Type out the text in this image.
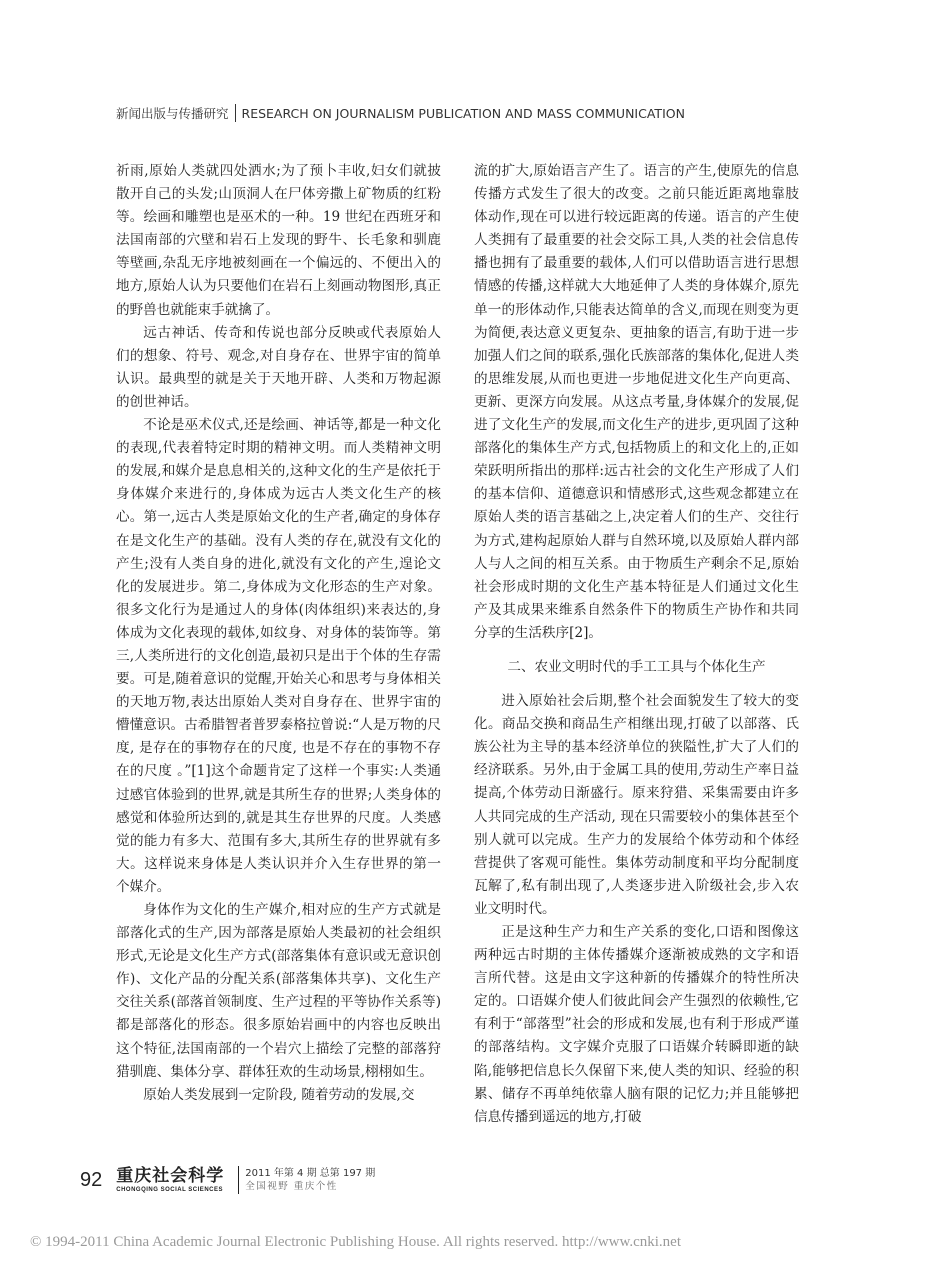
新闻出版与传播研究 RESEARCH ON JOURNALISM PUBLICATION AND MASS COMMUNICATION

祈雨,原始人类就四处洒水;为了预卜丰收,妇女们就披散开自己的头发;山顶洞人在尸体旁撒上矿物质的红粉等。绘画和雕塑也是巫术的一种。19 世纪在西班牙和法国南部的穴壁和岩石上发现的野牛、长毛象和驯鹿等壁画,杂乱无序地被刻画在一个偏远的、不便出入的地方,原始人认为只要他们在岩石上刻画动物图形,真正的野兽也就能束手就擒了。

远古神话、传奇和传说也部分反映或代表原始人们的想象、符号、观念,对自身存在、世界宇宙的简单认识。最典型的就是关于天地开辟、人类和万物起源的创世神话。

不论是巫术仪式,还是绘画、神话等,都是一种文化的表现,代表着特定时期的精神文明。而人类精神文明的发展,和媒介是息息相关的,这种文化的生产是依托于身体媒介来进行的,身体成为远古人类文化生产的核心。第一,远古人类是原始文化的生产者,确定的身体存在是文化生产的基础。没有人类的存在,就没有文化的产生;没有人类自身的进化,就没有文化的产生,遑论文化的发展进步。第二,身体成为文化形态的生产对象。很多文化行为是通过人的身体(肉体组织)来表达的,身体成为文化表现的载体,如纹身、对身体的装饰等。第三,人类所进行的文化创造,最初只是出于个体的生存需要。可是,随着意识的觉醒,开始关心和思考与身体相关的天地万物,表达出原始人类对自身存在、世界宇宙的懵懂意识。古希腊智者普罗泰格拉曾说:“人是万物的尺度, 是存在的事物存在的尺度, 也是不存在的事物不存在的尺度 。”[1]这个命题肯定了这样一个事实:人类通过感官体验到的世界,就是其所生存的世界;人类身体的感觉和体验所达到的,就是其生存世界的尺度。人类感觉的能力有多大、范围有多大,其所生存的世界就有多大。这样说来身体是人类认识并介入生存世界的第一个媒介。

身体作为文化的生产媒介,相对应的生产方式就是部落化式的生产,因为部落是原始人类最初的社会组织形式,无论是文化生产方式(部落集体有意识或无意识创作)、文化产品的分配关系(部落集体共享)、文化生产交往关系(部落首领制度、生产过程的平等协作关系等)都是部落化的形态。很多原始岩画中的内容也反映出这个特征,法国南部的一个岩穴上描绘了完整的部落狩猎驯鹿、集体分享、群体狂欢的生动场景,栩栩如生。

原始人类发展到一定阶段, 随着劳动的发展,交

流的扩大,原始语言产生了。语言的产生,使原先的信息传播方式发生了很大的改变。之前只能近距离地靠肢体动作,现在可以进行较远距离的传递。语言的产生使人类拥有了最重要的社会交际工具,人类的社会信息传播也拥有了最重要的载体,人们可以借助语言进行思想情感的传播,这样就大大地延伸了人类的身体媒介,原先单一的形体动作,只能表达简单的含义,而现在则变为更为简便,表达意义更复杂、更抽象的语言,有助于进一步加强人们之间的联系,强化氏族部落的集体化,促进人类的思维发展,从而也更进一步地促进文化生产向更高、更新、更深方向发展。从这点考量,身体媒介的发展,促进了文化生产的发展,而文化生产的进步,更巩固了这种部落化的集体生产方式,包括物质上的和文化上的,正如荣跃明所指出的那样:远古社会的文化生产形成了人们的基本信仰、道德意识和情感形式,这些观念都建立在原始人类的语言基础之上,决定着人们的生产、交往行为方式,建构起原始人群与自然环境,以及原始人群内部人与人之间的相互关系。由于物质生产剩余不足,原始社会形成时期的文化生产基本特征是人们通过文化生产及其成果来维系自然条件下的物质生产协作和共同分享的生活秩序[2]。

二、农业文明时代的手工工具与个体化生产

进入原始社会后期,整个社会面貌发生了较大的变化。商品交换和商品生产相继出现,打破了以部落、氏族公社为主导的基本经济单位的狭隘性,扩大了人们的经济联系。另外,由于金属工具的使用,劳动生产率日益提高,个体劳动日渐盛行。原来狩猎、采集需要由许多人共同完成的生产活动, 现在只需要较小的集体甚至个别人就可以完成。生产力的发展给个体劳动和个体经营提供了客观可能性。集体劳动制度和平均分配制度瓦解了,私有制出现了,人类逐步进入阶级社会,步入农业文明时代。

正是这种生产力和生产关系的变化,口语和图像这两种远古时期的主体传播媒介逐渐被成熟的文字和语言所代替。这是由文字这种新的传播媒介的特性所决定的。口语媒介使人们彼此间会产生强烈的依赖性,它有利于“部落型”社会的形成和发展,也有利于形成严谨的部落结构。文字媒介克服了口语媒介转瞬即逝的缺陷,能够把信息长久保留下来,使人类的知识、经验的积累、储存不再单纯依靠人脑有限的记忆力;并且能够把信息传播到遥远的地方,打破

92 重庆社会科学
CHONGQING SOCIAL SCIENCES
2011 年第 4 期 总第 197 期
全国视野 重庆个性
© 1994-2011 China Academic Journal Electronic Publishing House. All rights reserved. http://www.cnki.net
